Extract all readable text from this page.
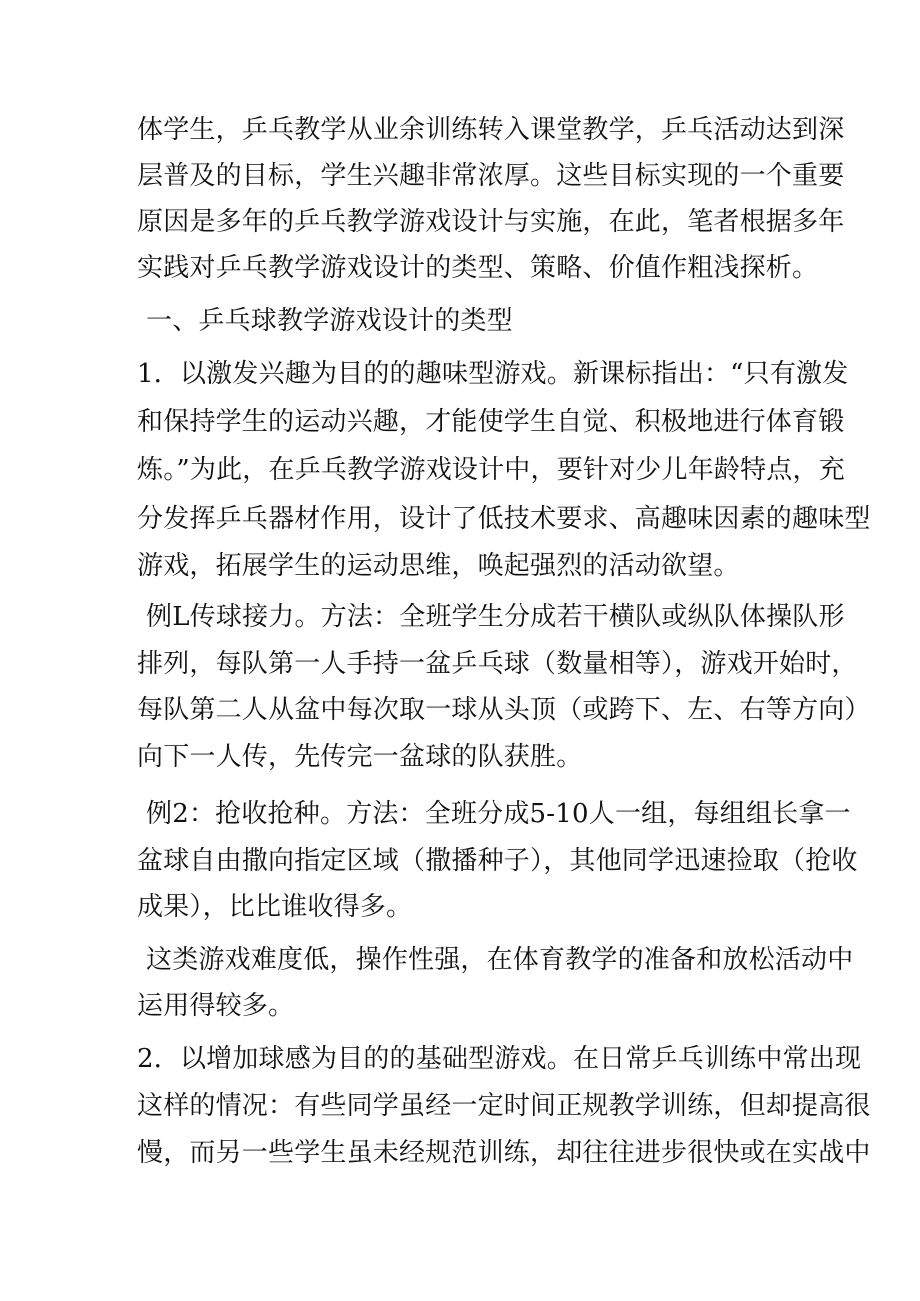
体学生，乒乓教学从业余训练转入课堂教学，乒乓活动达到深
层普及的目标，学生兴趣非常浓厚。这些目标实现的一个重要
原因是多年的乒乓教学游戏设计与实施，在此，笔者根据多年
实践对乒乓教学游戏设计的类型、策略、价值作粗浅探析。
一、乒乓球教学游戏设计的类型
1．以激发兴趣为目的的趣味型游戏。新课标指出：“只有激发
和保持学生的运动兴趣，才能使学生自觉、积极地进行体育锻
炼。”为此，在乒乓教学游戏设计中，要针对少儿年龄特点，充
分发挥乒乓器材作用，设计了低技术要求、高趣味因素的趣味型
游戏，拓展学生的运动思维，唤起强烈的活动欲望。
例L传球接力。方法：全班学生分成若干横队或纵队体操队形
排列，每队第一人手持一盆乒乓球（数量相等），游戏开始时，
每队第二人从盆中每次取一球从头顶（或跨下、左、右等方向）
向下一人传，先传完一盆球的队获胜。
例2：抢收抢种。方法：全班分成5-10人一组，每组组长拿一
盆球自由撒向指定区域（撒播种子），其他同学迅速捡取（抢收
成果），比比谁收得多。
这类游戏难度低，操作性强，在体育教学的准备和放松活动中
运用得较多。
2．以增加球感为目的的基础型游戏。在日常乒乓训练中常出现
这样的情况：有些同学虽经一定时间正规教学训练，但却提高很
慢，而另一些学生虽未经规范训练，却往往进步很快或在实战中
